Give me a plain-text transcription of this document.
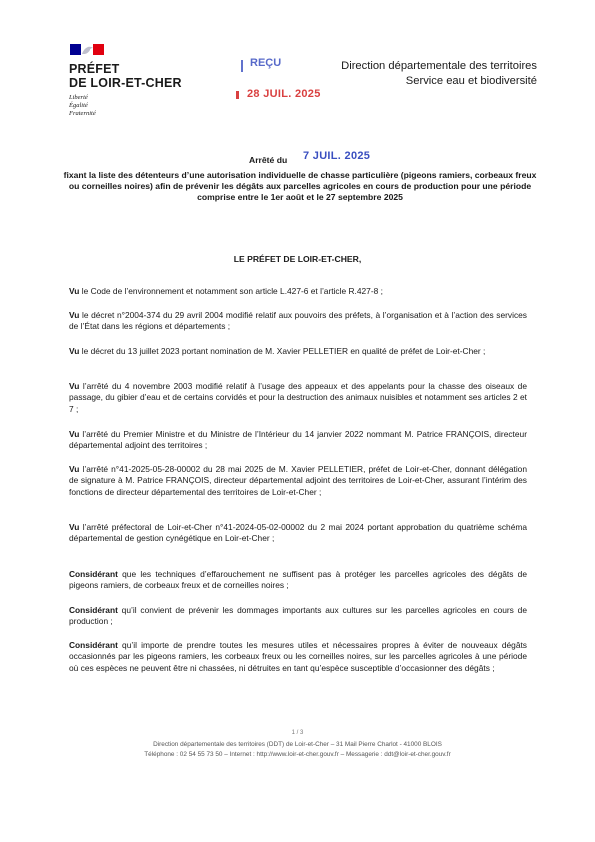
PRÉFET
DE LOIR-ET-CHER
Liberté
Égalité
Fraternité
REÇU	Direction départementale des territoires
Service eau et biodiversité
28 JUIL. 2025
Arrêté du 7 JUIL. 2025
fixant la liste des détenteurs d’une autorisation individuelle de chasse particulière (pigeons ramiers, corbeaux freux ou corneilles noires) afin de prévenir les dégâts aux parcelles agricoles en cours de production pour une période comprise entre le 1er août et le 27 septembre 2025
LE PRÉFET DE LOIR-ET-CHER,
Vu le Code de l’environnement et notamment son article L.427-6 et l’article R.427-8 ;
Vu le décret n°2004-374 du 29 avril 2004 modifié relatif aux pouvoirs des préfets, à l’organisation et à l’action des services de l’État dans les régions et départements ;
Vu le décret du 13 juillet 2023 portant nomination de M. Xavier PELLETIER en qualité de préfet de Loir-et-Cher ;
Vu l’arrêté du 4 novembre 2003 modifié relatif à l’usage des appeaux et des appelants pour la chasse des oiseaux de passage, du gibier d’eau et de certains corvidés et pour la destruction des animaux nuisibles et notamment ses articles 2 et 7 ;
Vu l’arrêté du Premier Ministre et du Ministre de l’Intérieur du 14 janvier 2022 nommant M. Patrice FRANÇOIS, directeur départemental adjoint des territoires ;
Vu l’arrêté n°41-2025-05-28-00002 du 28 mai 2025 de M. Xavier PELLETIER, préfet de Loir-et-Cher, donnant délégation de signature à M. Patrice FRANÇOIS, directeur départemental adjoint des territoires de Loir-et-Cher, assurant l’intérim des fonctions de directeur départemental des territoires de Loir-et-Cher ;
Vu l’arrêté préfectoral de Loir-et-Cher n°41-2024-05-02-00002 du 2 mai 2024 portant approbation du quatrième schéma départemental de gestion cynégétique en Loir-et-Cher ;
Considérant que les techniques d’effarouchement ne suffisent pas à protéger les parcelles agricoles des dégâts de pigeons ramiers, de corbeaux freux et de corneilles noires ;
Considérant qu’il convient de prévenir les dommages importants aux cultures sur les parcelles agricoles en cours de production ;
Considérant qu’il importe de prendre toutes les mesures utiles et nécessaires propres à éviter de nouveaux dégâts occasionnés par les pigeons ramiers, les corbeaux freux ou les corneilles noires, sur les parcelles agricoles à une période où ces espèces ne peuvent être ni chassées, ni détruites en tant qu’espèce susceptible d’occasionner des dégâts ;
1 / 3
Direction départementale des territoires (DDT) de Loir-et-Cher – 31 Mail Pierre Charlot - 41000 BLOIS
Téléphone : 02 54 55 73 50 – Internet : http://www.loir-et-cher.gouv.fr – Messagerie : ddt@loir-et-cher.gouv.fr
